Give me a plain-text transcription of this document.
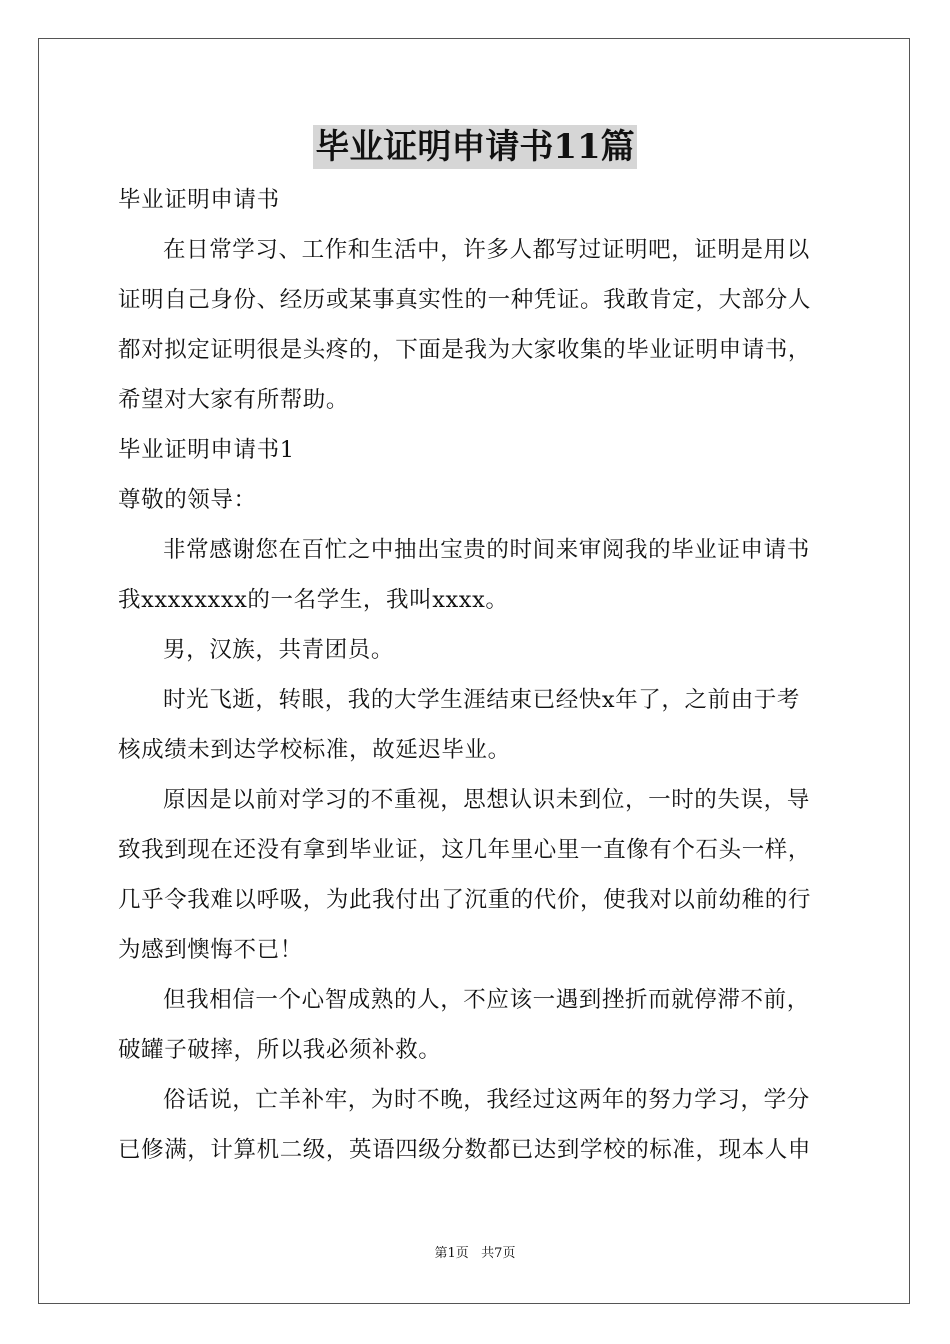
毕业证明申请书11篇
毕业证明申请书
在日常学习、工作和生活中，许多人都写过证明吧，证明是用以
证明自己身份、经历或某事真实性的一种凭证。我敢肯定，大部分人
都对拟定证明很是头疼的，下面是我为大家收集的毕业证明申请书，
希望对大家有所帮助。
毕业证明申请书1
尊敬的领导：
非常感谢您在百忙之中抽出宝贵的时间来审阅我的毕业证申请书
我xxxxxxxx的一名学生，我叫xxxx。
男，汉族，共青团员。
时光飞逝，转眼，我的大学生涯结束已经快x年了，之前由于考
核成绩未到达学校标准，故延迟毕业。
原因是以前对学习的不重视，思想认识未到位，一时的失误，导
致我到现在还没有拿到毕业证，这几年里心里一直像有个石头一样，
几乎令我难以呼吸，为此我付出了沉重的代价，使我对以前幼稚的行
为感到懊悔不已！
但我相信一个心智成熟的人，不应该一遇到挫折而就停滞不前，
破罐子破摔，所以我必须补救。
俗话说，亡羊补牢，为时不晚，我经过这两年的努力学习，学分
已修满，计算机二级，英语四级分数都已达到学校的标准，现本人申
第1页   共7页
